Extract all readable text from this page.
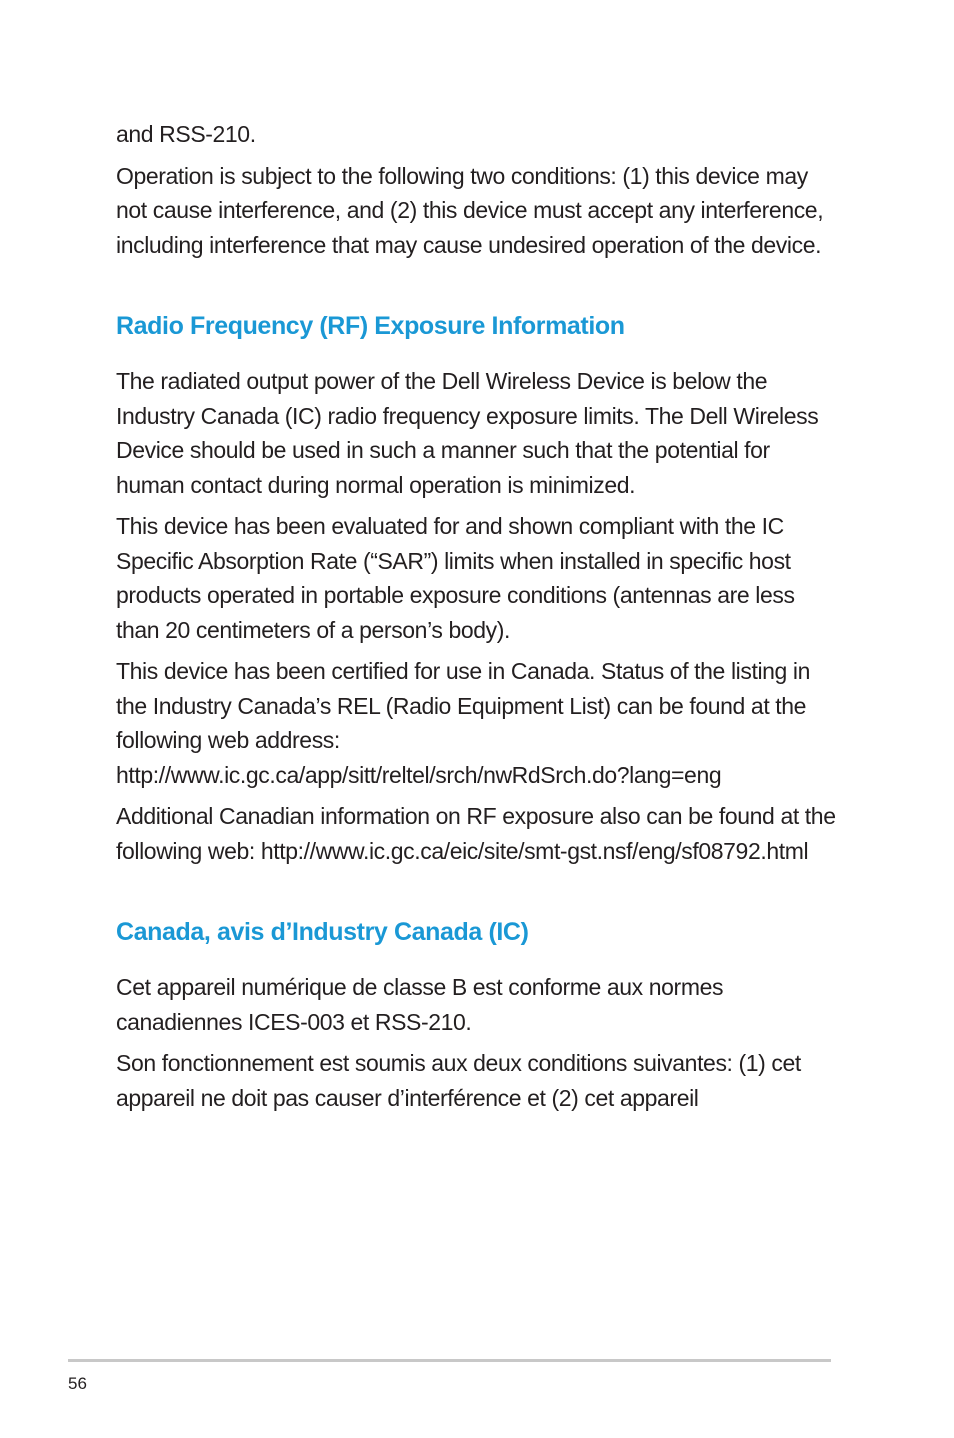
and RSS-210.

Operation is subject to the following two conditions: (1) this device may not cause interference, and (2) this device must accept any interference, including interference that may cause undesired operation of the device.

Radio Frequency (RF) Exposure Information

The radiated output power of the Dell Wireless Device is below the Industry Canada (IC) radio frequency exposure limits. The Dell Wireless Device should be used in such a manner such that the potential for human contact during normal operation is minimized.

This device has been evaluated for and shown compliant with the IC Specific Absorption Rate (“SAR”) limits when installed in specific host products operated in portable exposure conditions (antennas are less than 20 centimeters of a person’s body).

This device has been certified for use in Canada. Status of the listing in the Industry Canada’s REL (Radio Equipment List) can be found at the following web address: http://www.ic.gc.ca/app/sitt/reltel/srch/nwRdSrch.do?lang=eng

Additional Canadian information on RF exposure also can be found at the following web: http://www.ic.gc.ca/eic/site/smt-gst.nsf/eng/sf08792.html

Canada, avis d’Industry Canada (IC)

Cet appareil numérique de classe B est conforme aux normes canadiennes ICES-003 et RSS-210.

Son fonctionnement est soumis aux deux conditions suivantes: (1) cet appareil ne doit pas causer d’interférence et (2) cet appareil

56
